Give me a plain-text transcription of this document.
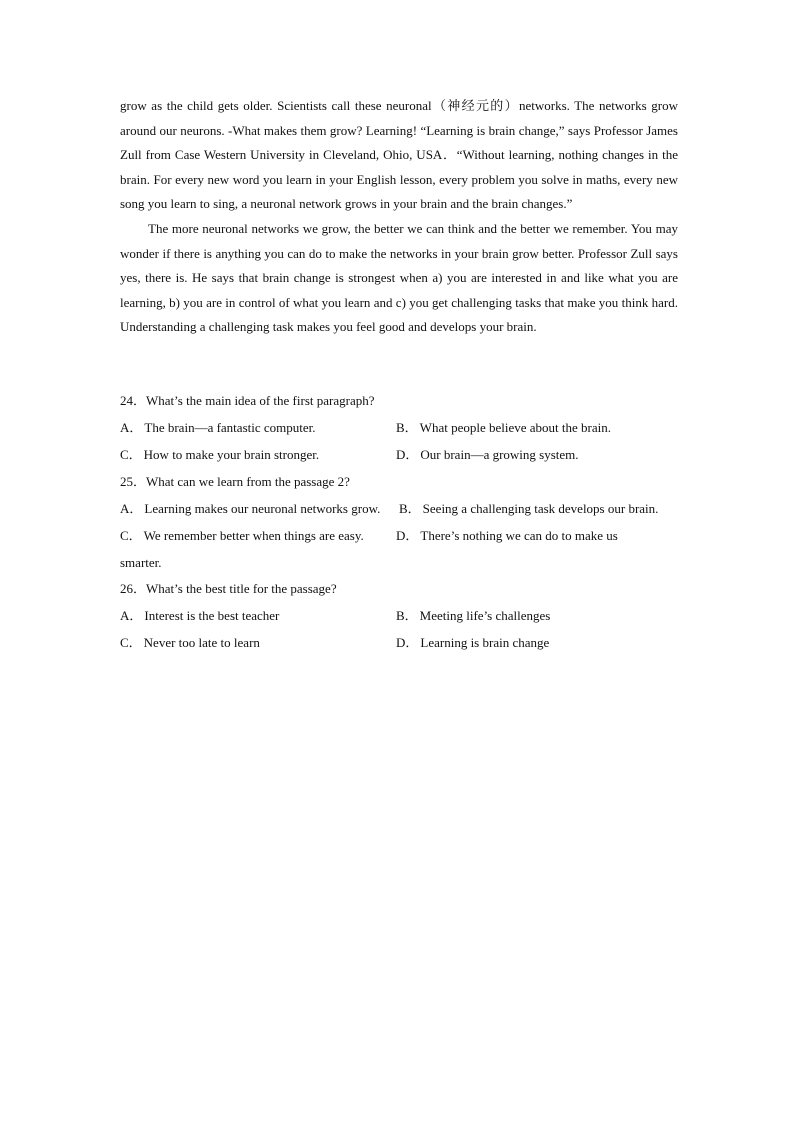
grow as the child gets older. Scientists call these neuronal（神经元的）networks. The networks grow around our neurons. -What makes them grow? Learning! “Learning is brain change,” says Professor James Zull from Case Western University in Cleveland, Ohio, USA．“Without learning, nothing changes in the brain. For every new word you learn in your English lesson, every problem you solve in maths, every new song you learn to sing, a neuronal network grows in your brain and the brain changes.”

The more neuronal networks we grow, the better we can think and the better we remember. You may wonder if there is anything you can do to make the networks in your brain grow better. Professor Zull says yes, there is. He says that brain change is strongest when a) you are interested in and like what you are learning, b) you are in control of what you learn and c) you get challenging tasks that make you think hard. Understanding a challenging task makes you feel good and develops your brain.

24．What’s the main idea of the first paragraph?
A． The brain—a fantastic computer.	B． What people believe about the brain.
C． How to make your brain stronger.	D． Our brain—a growing system.
25．What can we learn from the passage 2?
A． Learning makes our neuronal networks grow. B． Seeing a challenging task develops our brain.
C． We remember better when things are easy. D． There’s nothing we can do to make us
smarter.
26．What’s the best title for the passage?
A． Interest is the best teacher	B． Meeting life’s challenges
C． Never too late to learn	D． Learning is brain change
